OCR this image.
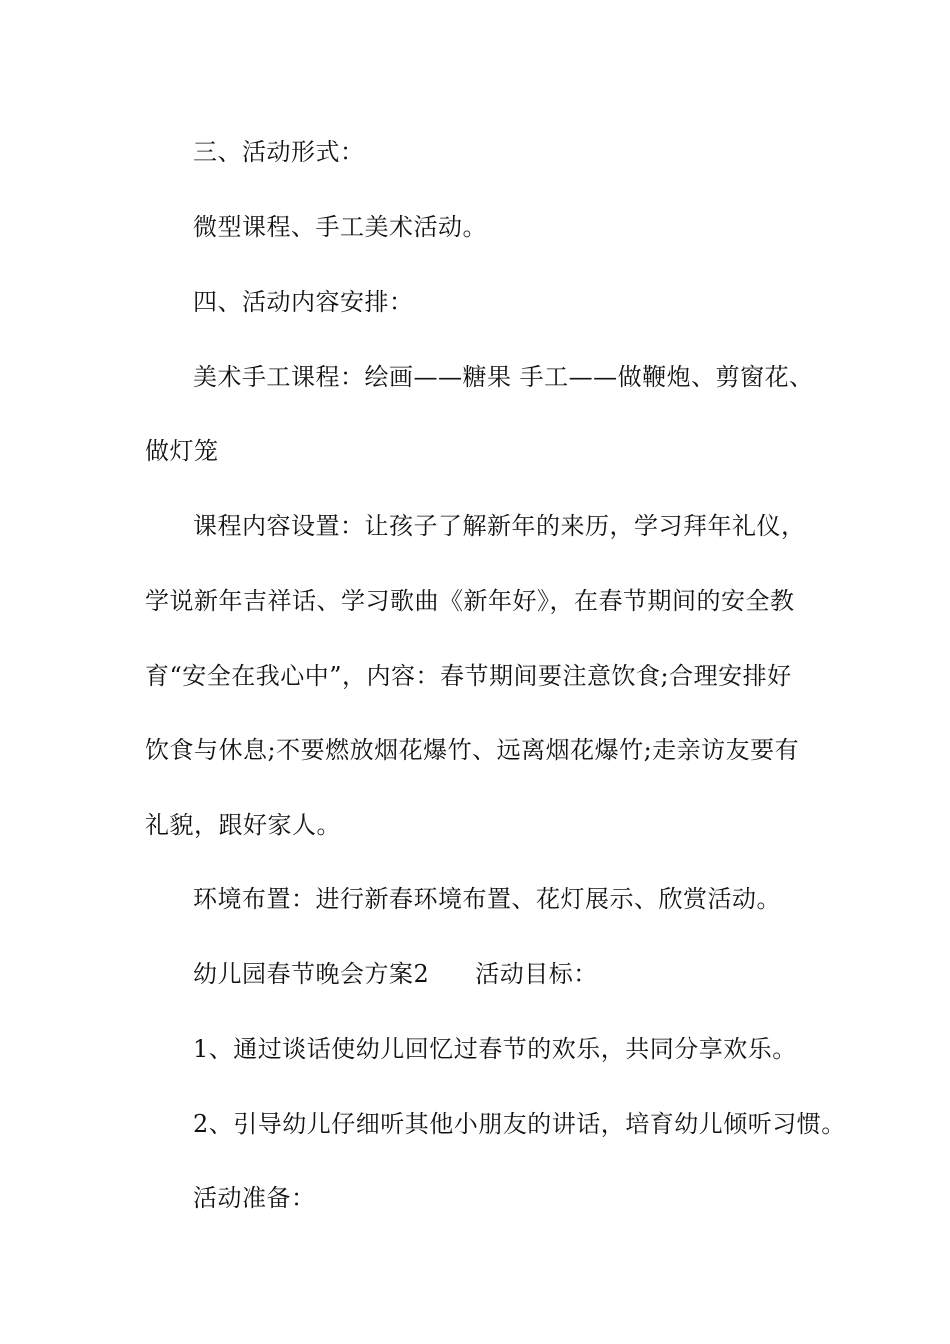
三、活动形式：
微型课程、手工美术活动。
四、活动内容安排：
美术手工课程：绘画——糖果 手工——做鞭炮、剪窗花、
做灯笼
课程内容设置：让孩子了解新年的来历，学习拜年礼仪，
学说新年吉祥话、学习歌曲《新年好》，在春节期间的安全教
育“安全在我心中”，内容：春节期间要注意饮食;合理安排好
饮食与休息;不要燃放烟花爆竹、远离烟花爆竹;走亲访友要有
礼貌，跟好家人。
环境布置：进行新春环境布置、花灯展示、欣赏活动。
幼儿园春节晚会方案2 活动目标：
1、通过谈话使幼儿回忆过春节的欢乐，共同分享欢乐。
2、引导幼儿仔细听其他小朋友的讲话，培育幼儿倾听习惯。
活动准备：
